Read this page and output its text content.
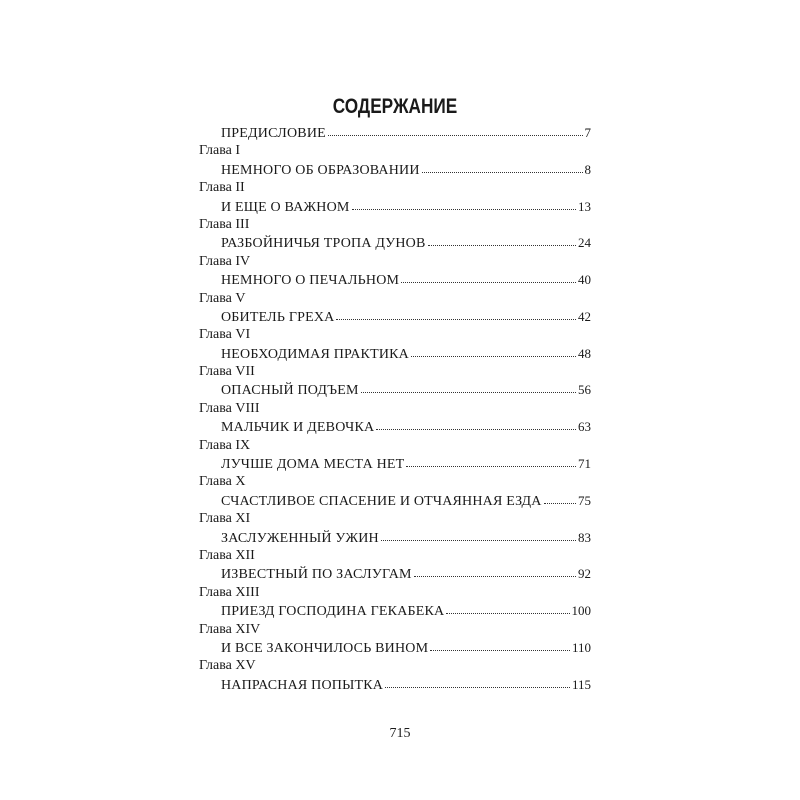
СОДЕРЖАНИЕ
ПРЕДИСЛОВИЕ	7
Глава I
НЕМНОГО ОБ ОБРАЗОВАНИИ	8
Глава II
И ЕЩЕ О ВАЖНОМ	13
Глава III
РАЗБОЙНИЧЬЯ ТРОПА ДУНОВ	24
Глава IV
НЕМНОГО О ПЕЧАЛЬНОМ	40
Глава V
ОБИТЕЛЬ ГРЕХА	42
Глава VI
НЕОБХОДИМАЯ ПРАКТИКА	48
Глава VII
ОПАСНЫЙ ПОДЪЕМ	56
Глава VIII
МАЛЬЧИК И ДЕВОЧКА	63
Глава IX
ЛУЧШЕ ДОМА МЕСТА НЕТ	71
Глава X
СЧАСТЛИВОЕ СПАСЕНИЕ И ОТЧАЯННАЯ ЕЗДА	75
Глава XI
ЗАСЛУЖЕННЫЙ УЖИН	83
Глава XII
ИЗВЕСТНЫЙ ПО ЗАСЛУГАМ	92
Глава XIII
ПРИЕЗД ГОСПОДИНА ГЕКАБЕКА	100
Глава XIV
И ВСЕ ЗАКОНЧИЛОСЬ ВИНОМ	110
Глава XV
НАПРАСНАЯ ПОПЫТКА	115
715
